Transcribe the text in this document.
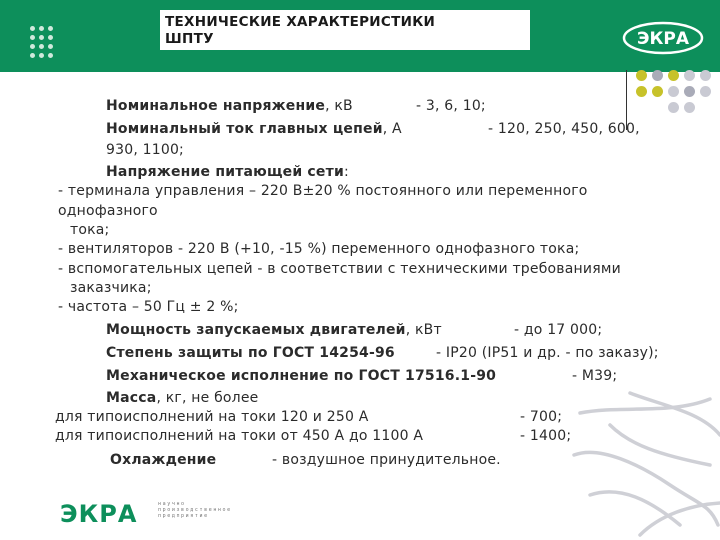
ЭКРА
ТЕХНИЧЕСКИЕ ХАРАКТЕРИСТИКИ
ШПТУ
Номинальное напряжение, кВ	- 3, 6, 10;
Номинальный ток главных цепей, А	- 120, 250, 450, 600,
930, 1100;
Напряжение питающей сети:
- терминала управления – 220 В±20 % постоянного или переменного
однофазного
тока;
- вентиляторов - 220 В (+10, -15 %) переменного однофазного тока;
- вспомогательных цепей - в соответствии с техническими требованиями
заказчика;
- частота – 50 Гц ± 2 %;
Мощность запускаемых двигателей, кВт	- до 17 000;
Степень защиты по ГОСТ 14254-96	- IP20 (IP51 и др. - по заказу);
Механическое исполнение по ГОСТ 17516.1-90	- М39;
Масса, кг, не более
для типоисполнений на токи 120 и 250 А	- 700;
для типоисполнений на токи от 450 А до 1100 А	- 1400;
Охлаждение	- воздушное принудительное.
ЭКРА	научно
производственное
предприятие
